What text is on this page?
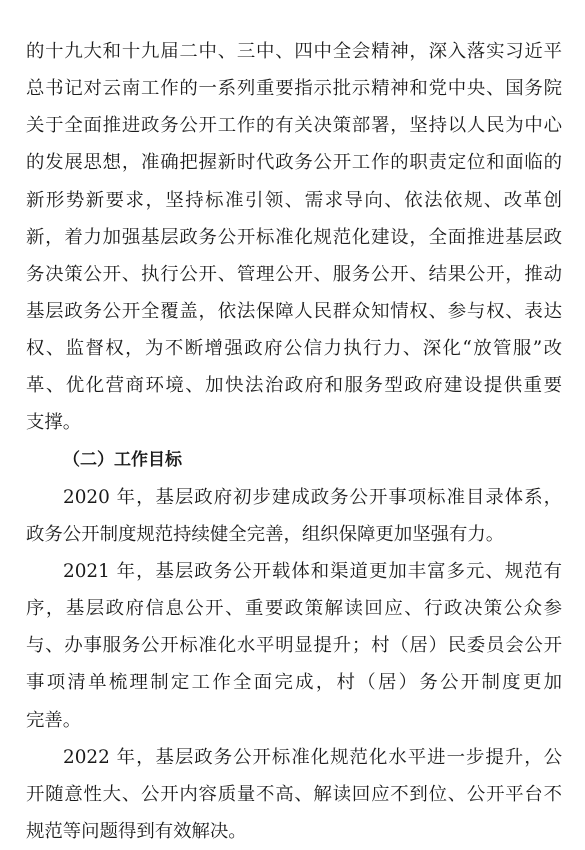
的十九大和十九届二中、三中、四中全会精神，深入落实习近平
总书记对云南工作的一系列重要指示批示精神和党中央、国务院
关于全面推进政务公开工作的有关决策部署，坚持以人民为中心
的发展思想，准确把握新时代政务公开工作的职责定位和面临的
新形势新要求，坚持标准引领、需求导向、依法依规、改革创
新，着力加强基层政务公开标准化规范化建设，全面推进基层政
务决策公开、执行公开、管理公开、服务公开、结果公开，推动
基层政务公开全覆盖，依法保障人民群众知情权、参与权、表达
权、监督权，为不断增强政府公信力执行力、深化“放管服”改
革、优化营商环境、加快法治政府和服务型政府建设提供重要
支撑。
（二）工作目标
2020 年，基层政府初步建成政务公开事项标准目录体系，
政务公开制度规范持续健全完善，组织保障更加坚强有力。
2021 年，基层政务公开载体和渠道更加丰富多元、规范有
序，基层政府信息公开、重要政策解读回应、行政决策公众参
与、办事服务公开标准化水平明显提升；村（居）民委员会公开
事项清单梳理制定工作全面完成，村（居）务公开制度更加
完善。
2022 年，基层政务公开标准化规范化水平进一步提升，公
开随意性大、公开内容质量不高、解读回应不到位、公开平台不
规范等问题得到有效解决。
